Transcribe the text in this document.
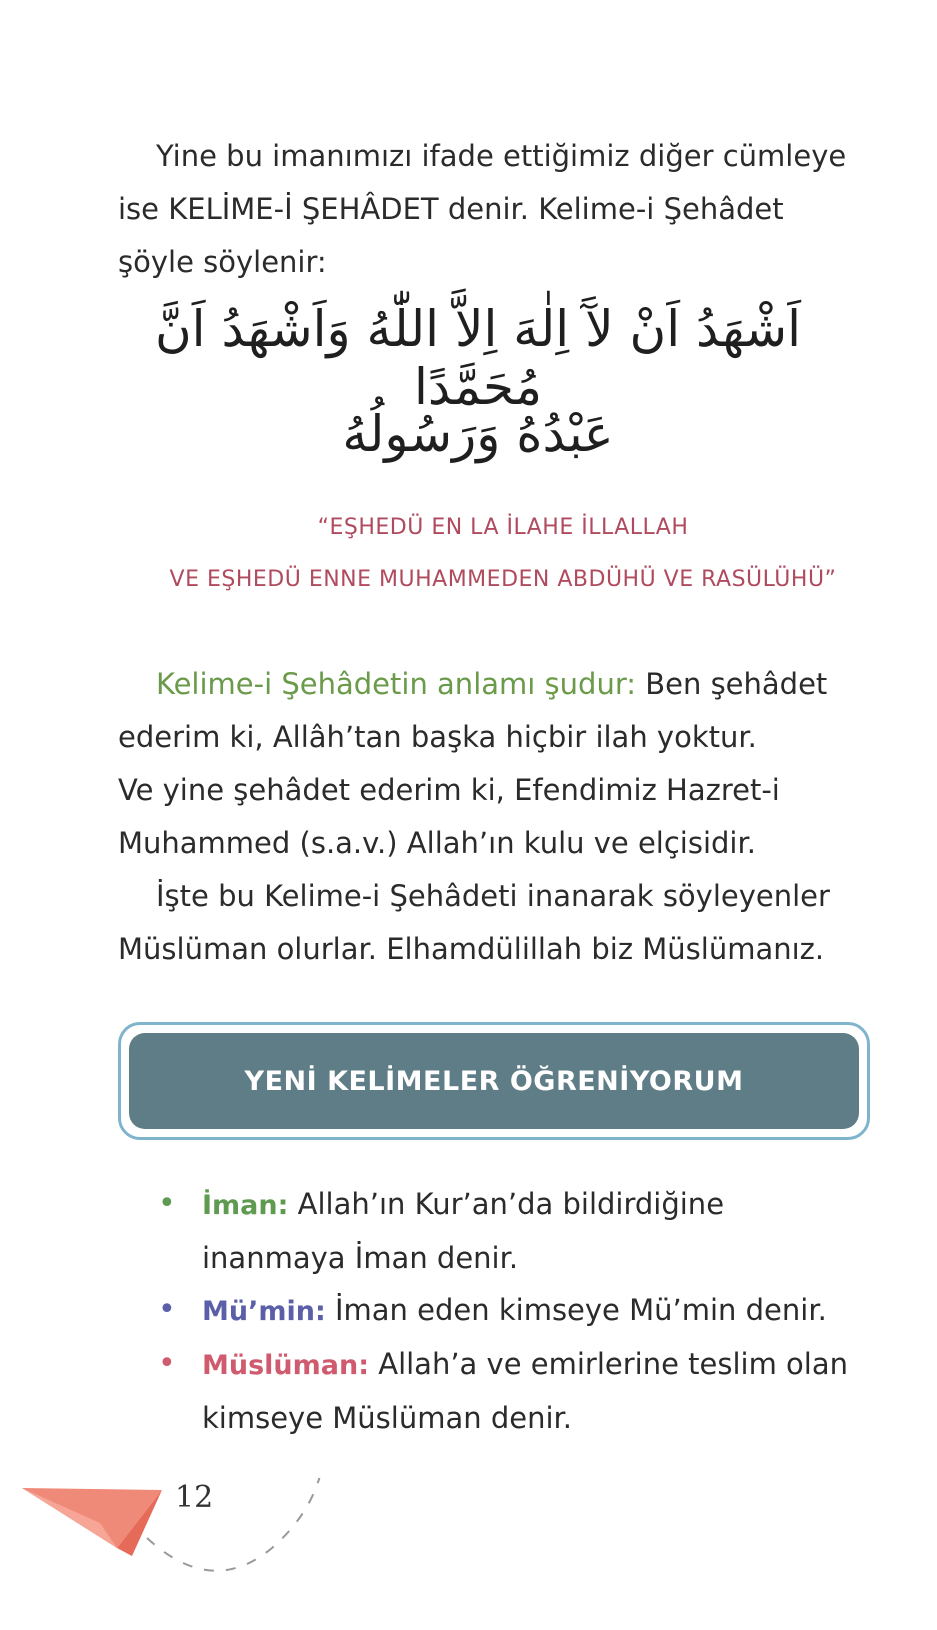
Yine bu imanımızı ifade ettiğimiz diğer cümleye
ise KELİME-İ ŞEHÂDET denir. Kelime-i Şehâdet
şöyle söylenir:

اَشْهَدُ اَنْ لآَ اِلٰهَ اِلاَّ اللّٰهُ وَاَشْهَدُ اَنَّ مُحَمَّدًا
عَبْدُهُ وَرَسُولُهُ
“EŞHEDÜ EN LA İLAHE İLLALLAH
VE EŞHEDÜ ENNE MUHAMMEDEN ABDÜHÜ VE RASÜLÜHÜ”

Kelime-i Şehâdetin anlamı şudur: Ben şehâdet
ederim ki, Allâh’tan başka hiçbir ilah yoktur.
Ve yine şehâdet ederim ki, Efendimiz Hazret-i
Muhammed (s.a.v.) Allah’ın kulu ve elçisidir.
İşte bu Kelime-i Şehâdeti inanarak söyleyenler
Müslüman olurlar. Elhamdülillah biz Müslümanız.

YENİ KELİMELER ÖĞRENİYORUM
• İman: Allah’ın Kur’an’da bildirdiğine
inanmaya İman denir.
• Mü’min: İman eden kimseye Mü’min denir.
• Müslüman: Allah’a ve emirlerine teslim olan
kimseye Müslüman denir.
12
